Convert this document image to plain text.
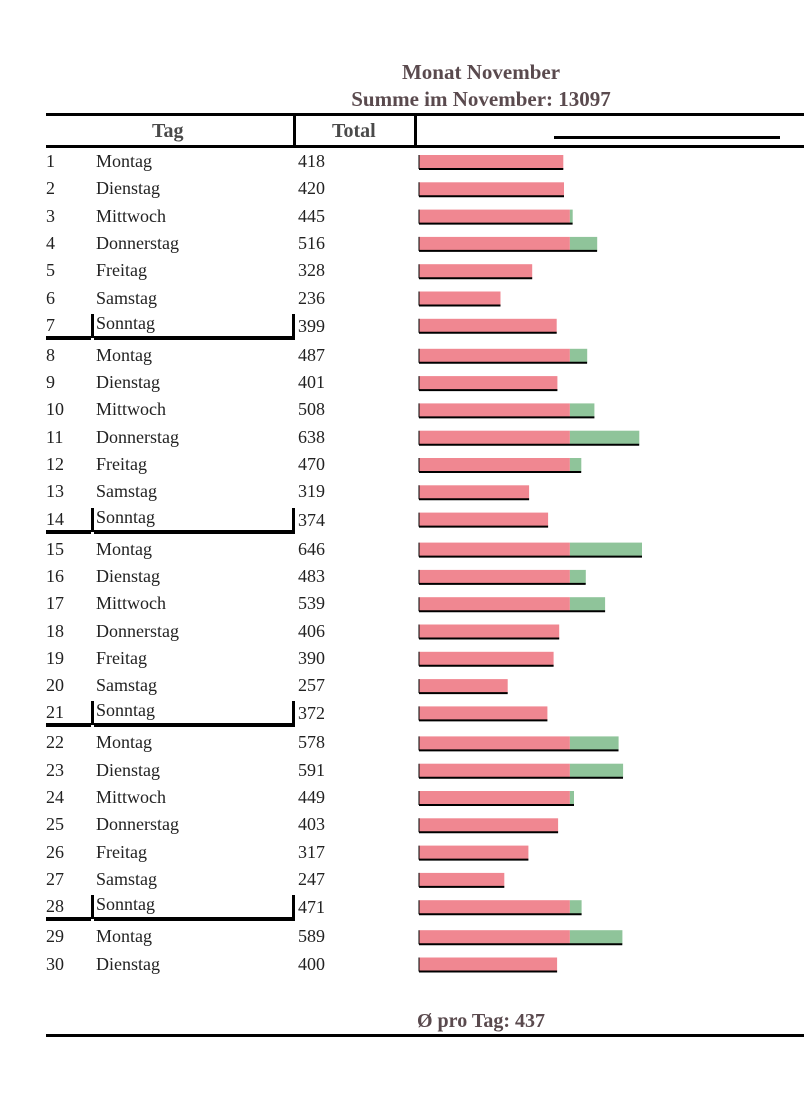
Monat November
Summe im November: 13097
Tag	Total
1 Montag	418
2 Dienstag	420
3 Mittwoch	445
4 Donnerstag	516
5 Freitag	328
6 Samstag	236
7 Sonntag	399
8 Montag	487
9 Dienstag	401
10 Mittwoch	508
11 Donnerstag	638
12 Freitag	470
13 Samstag	319
14 Sonntag	374
15 Montag	646
16 Dienstag	483
17 Mittwoch	539
18 Donnerstag	406
19 Freitag	390
20 Samstag	257
21 Sonntag	372
22 Montag	578
23 Dienstag	591
24 Mittwoch	449
25 Donnerstag	403
26 Freitag	317
27 Samstag	247
28 Sonntag	471
29 Montag	589
30 Dienstag	400
Ø pro Tag: 437
